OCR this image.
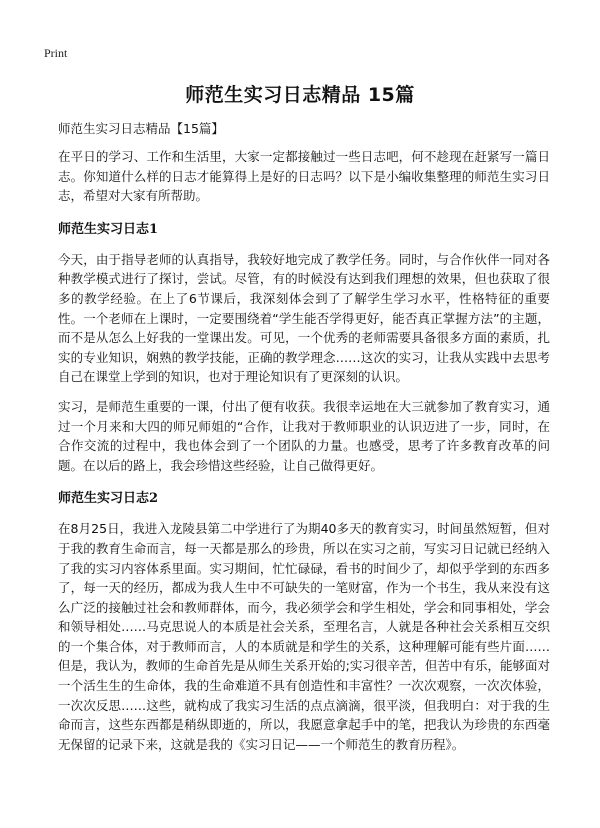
Print
师范生实习日志精品 15篇
师范生实习日志精品【15篇】

在平日的学习、工作和生活里，大家一定都接触过一些日志吧，何不趁现在赶紧写一篇日志。你知道什么样的日志才能算得上是好的日志吗？以下是小编收集整理的师范生实习日志，希望对大家有所帮助。

师范生实习日志1

今天，由于指导老师的认真指导，我较好地完成了教学任务。同时，与合作伙伴一同对各种教学模式进行了探讨，尝试。尽管，有的时候没有达到我们理想的效果，但也获取了很多的教学经验。在上了6节课后，我深刻体会到了了解学生学习水平，性格特征的重要性。一个老师在上课时，一定要围绕着“学生能否学得更好，能否真正掌握方法”的主题，而不是从怎么上好我的一堂课出发。可见，一个优秀的老师需要具备很多方面的素质，扎实的专业知识，娴熟的教学技能，正确的教学理念……这次的实习，让我从实践中去思考自己在课堂上学到的知识，也对于理论知识有了更深刻的认识。

实习，是师范生重要的一课，付出了便有收获。我很幸运地在大三就参加了教育实习，通过一个月来和大四的师兄师姐的“合作，让我对于教师职业的认识迈进了一步，同时，在合作交流的过程中，我也体会到了一个团队的力量。也感受，思考了许多教育改革的问题。在以后的路上，我会珍惜这些经验，让自己做得更好。

师范生实习日志2

在8月25日，我进入龙陵县第二中学进行了为期40多天的教育实习，时间虽然短暂，但对于我的教育生命而言，每一天都是那么的珍贵，所以在实习之前，写实习日记就已经纳入了我的实习内容体系里面。实习期间，忙忙碌碌，看书的时间少了，却似乎学到的东西多了，每一天的经历，都成为我人生中不可缺失的一笔财富，作为一个书生，我从来没有这么广泛的接触过社会和教师群体，而今，我必须学会和学生相处，学会和同事相处，学会和领导相处……马克思说人的本质是社会关系，至理名言，人就是各种社会关系相互交织的一个集合体，对于教师而言，人的本质就是和学生的关系，这种理解可能有些片面……但是，我认为，教师的生命首先是从师生关系开始的;实习很辛苦，但苦中有乐，能够面对一个活生生的生命体，我的生命难道不具有创造性和丰富性？一次次观察，一次次体验，一次次反思……这些，就构成了我实习生活的点点滴滴，很平淡，但我明白：对于我的生命而言，这些东西都是稍纵即逝的，所以，我愿意拿起手中的笔，把我认为珍贵的东西毫无保留的记录下来，这就是我的《实习日记——一个师范生的教育历程》。
